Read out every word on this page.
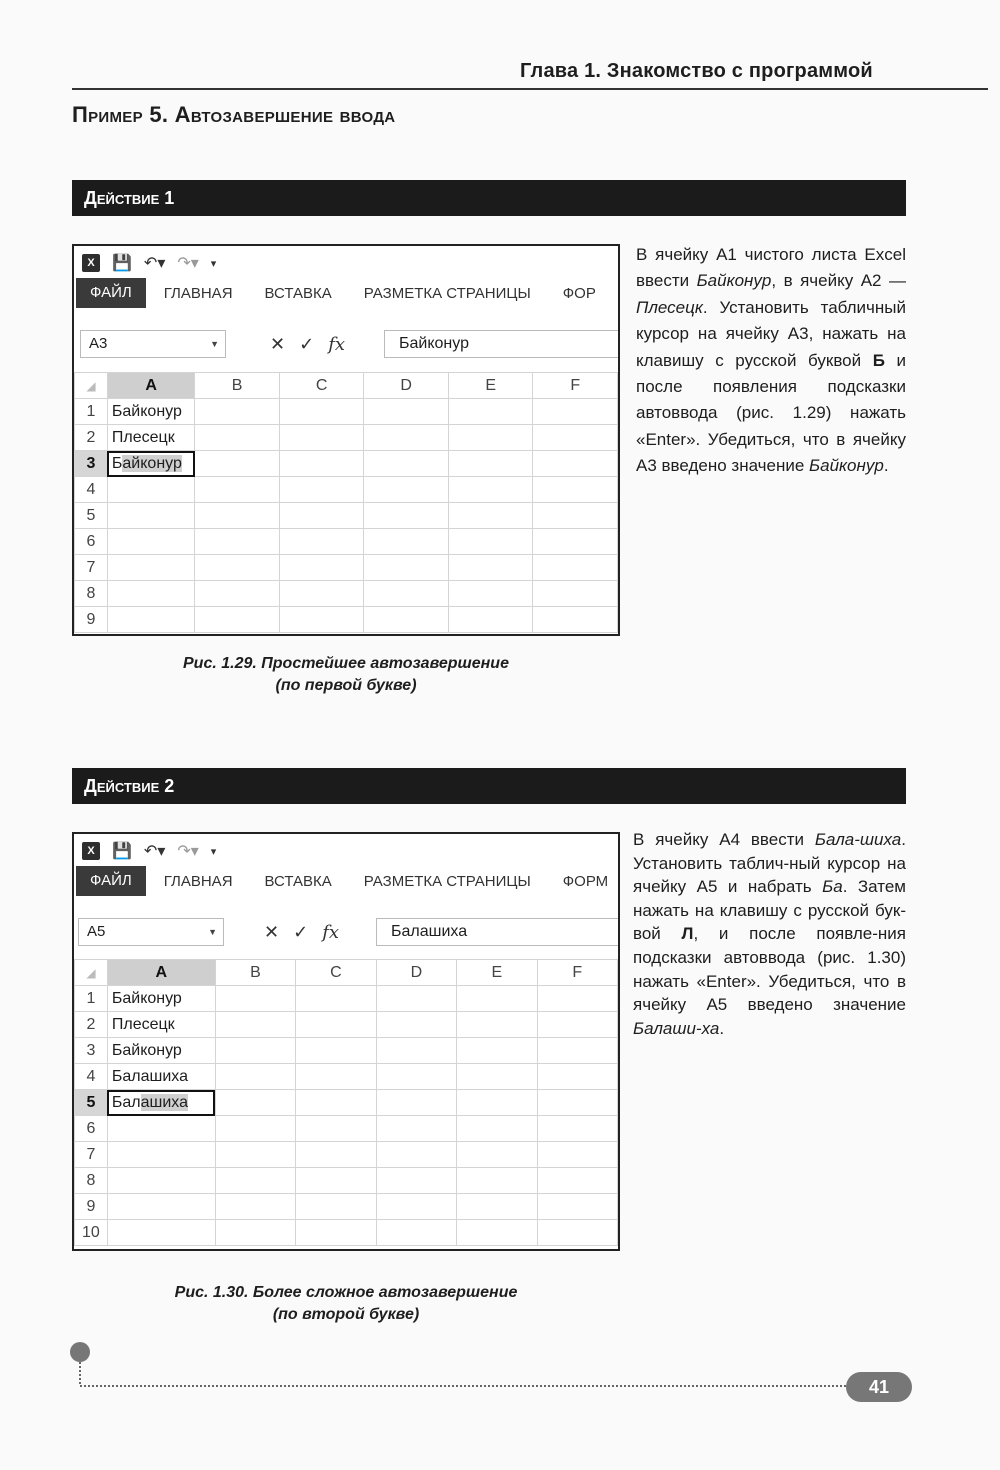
Глава 1. Знакомство с программой
Пример 5. Автозавершение ввода
Действие 1
X	💾 ↶▾ ↷▾ ▾
ФАЙЛ	ГЛАВНАЯ	ВСТАВКА	РАЗМЕТКА СТРАНИЦЫ	ФОР
A3	▼	✕ ✓ fx	Байконур
◢	A	B	C	D	E	F
1	Байконур					
2	Плесецк					
3	Байконур					
4						
5						
6						
7						
8						
9						
В ячейку A1 чистого листа Excel ввести Байконур, в ячейку A2 — Плесецк. Установить табличный курсор на ячейку A3, нажать на клавишу с русской буквой Б и после появления подсказки автоввода (рис. 1.29) нажать «Enter». Убедиться, что в ячейку A3 введено значение Байконур.
Рис. 1.29. Простейшее автозавершение
(по первой букве)
Действие 2
X	💾 ↶▾ ↷▾ ▾
ФАЙЛ	ГЛАВНАЯ	ВСТАВКА	РАЗМЕТКА СТРАНИЦЫ	ФОРМ
A5	▼	✕ ✓ fx	Балашиха
◢	A	B	C	D	E	F
1	Байконур					
2	Плесецк					
3	Байконур					
4	Балашиха					
5	Балашиха					
6						
7						
8						
9						
10						
В ячейку A4 ввести Бала-шиха. Установить таблич-ный курсор на ячейку A5 и набрать Ба. Затем нажать на клавишу с русской бук-вой Л, и после появле-ния подсказки автоввода (рис. 1.30) нажать «Enter». Убедиться, что в ячейку A5 введено значение Балаши-ха.
Рис. 1.30. Более сложное автозавершение
(по второй букве)
41
